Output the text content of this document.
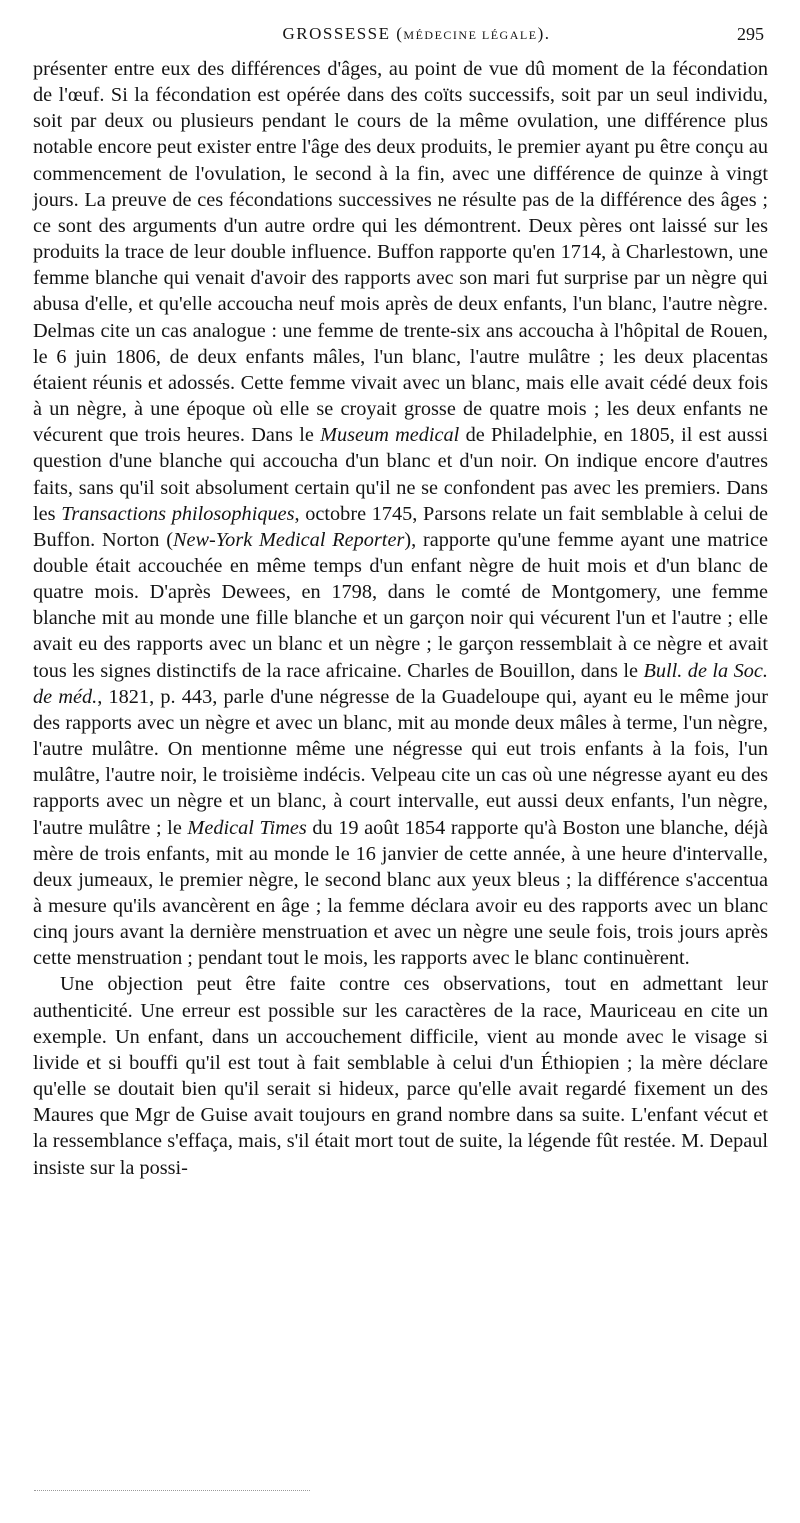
GROSSESSE (MÉDECINE LÉGALE).	295

présenter entre eux des différences d'âges, au point de vue dû moment de la fécondation de l'œuf. Si la fécondation est opérée dans des coïts successifs, soit par un seul individu, soit par deux ou plusieurs pendant le cours de la même ovulation, une différence plus notable encore peut exister entre l'âge des deux produits, le premier ayant pu être conçu au commencement de l'ovulation, le second à la fin, avec une différence de quinze à vingt jours. La preuve de ces fécondations successives ne résulte pas de la différence des âges ; ce sont des arguments d'un autre ordre qui les démontrent. Deux pères ont laissé sur les produits la trace de leur double influence. Buffon rapporte qu'en 1714, à Charlestown, une femme blanche qui venait d'avoir des rapports avec son mari fut surprise par un nègre qui abusa d'elle, et qu'elle accoucha neuf mois après de deux enfants, l'un blanc, l'autre nègre. Delmas cite un cas analogue : une femme de trente-six ans accoucha à l'hôpital de Rouen, le 6 juin 1806, de deux enfants mâles, l'un blanc, l'autre mulâtre ; les deux placentas étaient réunis et adossés. Cette femme vivait avec un blanc, mais elle avait cédé deux fois à un nègre, à une époque où elle se croyait grosse de quatre mois ; les deux enfants ne vécurent que trois heures. Dans le Museum medical de Philadelphie, en 1805, il est aussi question d'une blanche qui accoucha d'un blanc et d'un noir. On indique encore d'autres faits, sans qu'il soit absolument certain qu'il ne se confondent pas avec les premiers. Dans les Transactions philosophiques, octobre 1745, Parsons relate un fait semblable à celui de Buffon. Norton (New-York Medical Reporter), rapporte qu'une femme ayant une matrice double était accouchée en même temps d'un enfant nègre de huit mois et d'un blanc de quatre mois. D'après Dewees, en 1798, dans le comté de Montgomery, une femme blanche mit au monde une fille blanche et un garçon noir qui vécurent l'un et l'autre ; elle avait eu des rapports avec un blanc et un nègre ; le garçon ressemblait à ce nègre et avait tous les signes distinctifs de la race africaine. Charles de Bouillon, dans le Bull. de la Soc. de méd., 1821, p. 443, parle d'une négresse de la Guadeloupe qui, ayant eu le même jour des rapports avec un nègre et avec un blanc, mit au monde deux mâles à terme, l'un nègre, l'autre mulâtre. On mentionne même une négresse qui eut trois enfants à la fois, l'un mulâtre, l'autre noir, le troisième indécis. Velpeau cite un cas où une négresse ayant eu des rapports avec un nègre et un blanc, à court intervalle, eut aussi deux enfants, l'un nègre, l'autre mulâtre ; le Medical Times du 19 août 1854 rapporte qu'à Boston une blanche, déjà mère de trois enfants, mit au monde le 16 janvier de cette année, à une heure d'intervalle, deux jumeaux, le premier nègre, le second blanc aux yeux bleus ; la différence s'accentua à mesure qu'ils avancèrent en âge ; la femme déclara avoir eu des rapports avec un blanc cinq jours avant la dernière menstruation et avec un nègre une seule fois, trois jours après cette menstruation ; pendant tout le mois, les rapports avec le blanc continuèrent.

Une objection peut être faite contre ces observations, tout en admettant leur authenticité. Une erreur est possible sur les caractères de la race, Mauriceau en cite un exemple. Un enfant, dans un accouchement difficile, vient au monde avec le visage si livide et si bouffi qu'il est tout à fait semblable à celui d'un Éthiopien ; la mère déclare qu'elle se doutait bien qu'il serait si hideux, parce qu'elle avait regardé fixement un des Maures que Mgr de Guise avait toujours en grand nombre dans sa suite. L'enfant vécut et la ressemblance s'effaça, mais, s'il était mort tout de suite, la légende fût restée. M. Depaul insiste sur la possi-
